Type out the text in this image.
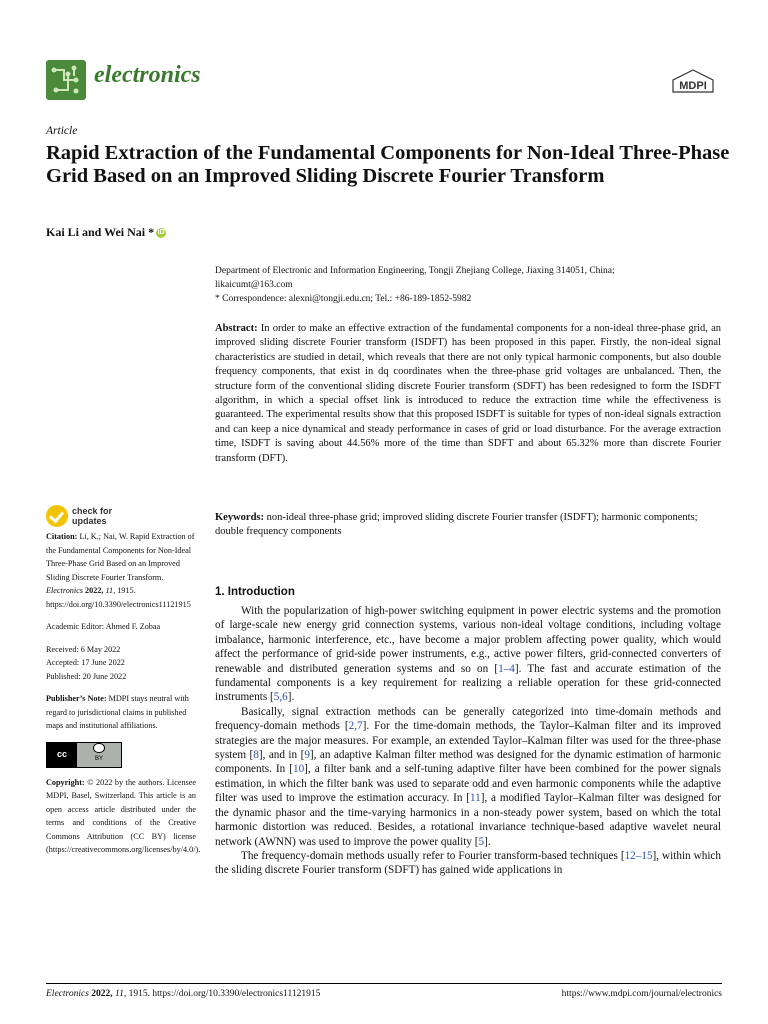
electronics	MDPI
Article
Rapid Extraction of the Fundamental Components for Non-Ideal Three-Phase Grid Based on an Improved Sliding Discrete Fourier Transform
Kai Li and Wei Nai * iD
Department of Electronic and Information Engineering, Tongji Zhejiang College, Jiaxing 314051, China;
likaicumt@163.com
* Correspondence: alexni@tongji.edu.cn; Tel.: +86-189-1852-5982
Abstract: In order to make an effective extraction of the fundamental components for a non-ideal three-phase grid, an improved sliding discrete Fourier transform (ISDFT) has been proposed in this paper. Firstly, the non-ideal signal characteristics are studied in detail, which reveals that there are not only typical harmonic components, but also double frequency components, that exist in dq coordinates when the three-phase grid voltages are unbalanced. Then, the structure form of the conventional sliding discrete Fourier transform (SDFT) has been redesigned to form the ISDFT algorithm, in which a special offset link is introduced to reduce the extraction time while the effectiveness is guaranteed. The experimental results show that this proposed ISDFT is suitable for types of non-ideal signals extraction and can keep a nice dynamical and steady performance in cases of grid or load disturbance. For the average extraction time, ISDFT is saving about 44.56% more of the time than SDFT and about 65.32% more than discrete Fourier transform (DFT).
Keywords: non-ideal three-phase grid; improved sliding discrete Fourier transfer (ISDFT); harmonic components; double frequency components
check for
updates

Citation: Li, K.; Nai, W. Rapid Extraction of the Fundamental Components for Non-Ideal Three-Phase Grid Based on an Improved Sliding Discrete Fourier Transform. Electronics 2022, 11, 1915. https://doi.org/10.3390/electronics11121915

Academic Editor: Ahmed F. Zobaa

Received: 6 May 2022
Accepted: 17 June 2022
Published: 20 June 2022

Publisher’s Note: MDPI stays neutral with regard to jurisdictional claims in published maps and institutional affiliations.

cc
BY

Copyright: © 2022 by the authors. Licensee MDPI, Basel, Switzerland. This article is an open access article distributed under the terms and conditions of the Creative Commons Attribution (CC BY) license (https://creativecommons.org/licenses/by/4.0/).

1. Introduction

With the popularization of high-power switching equipment in power electric systems and the promotion of large-scale new energy grid connection systems, various non-ideal voltage conditions, including voltage imbalance, harmonic interference, etc., have become a major problem affecting power quality, which would affect the performance of grid-side power instruments, e.g., active power filters, grid-connected converters of renewable and distributed generation systems and so on [1–4]. The fast and accurate estimation of the fundamental components is a key requirement for realizing a reliable operation for these grid-connected instruments [5,6].

Basically, signal extraction methods can be generally categorized into time-domain methods and frequency-domain methods [2,7]. For the time-domain methods, the Taylor–Kalman filter and its improved strategies are the major measures. For example, an extended Taylor–Kalman filter was used for the three-phase system [8], and in [9], an adaptive Kalman filter method was designed for the dynamic estimation of harmonic components. In [10], a filter bank and a self-tuning adaptive filter have been combined for the power signals estimation, in which the filter bank was used to separate odd and even harmonic components while the adaptive filter was used to improve the estimation accuracy. In [11], a modified Taylor–Kalman filter was designed for the dynamic phasor and the time-varying harmonics in a non-steady power system, based on which the total harmonic distortion was reduced. Besides, a rotational invariance technique-based adaptive wavelet neural network (AWNN) was used to improve the power quality [5].

The frequency-domain methods usually refer to Fourier transform-based techniques [12–15], within which the sliding discrete Fourier transform (SDFT) has gained wide applications in

Electronics 2022, 11, 1915. https://doi.org/10.3390/electronics11121915	https://www.mdpi.com/journal/electronics
